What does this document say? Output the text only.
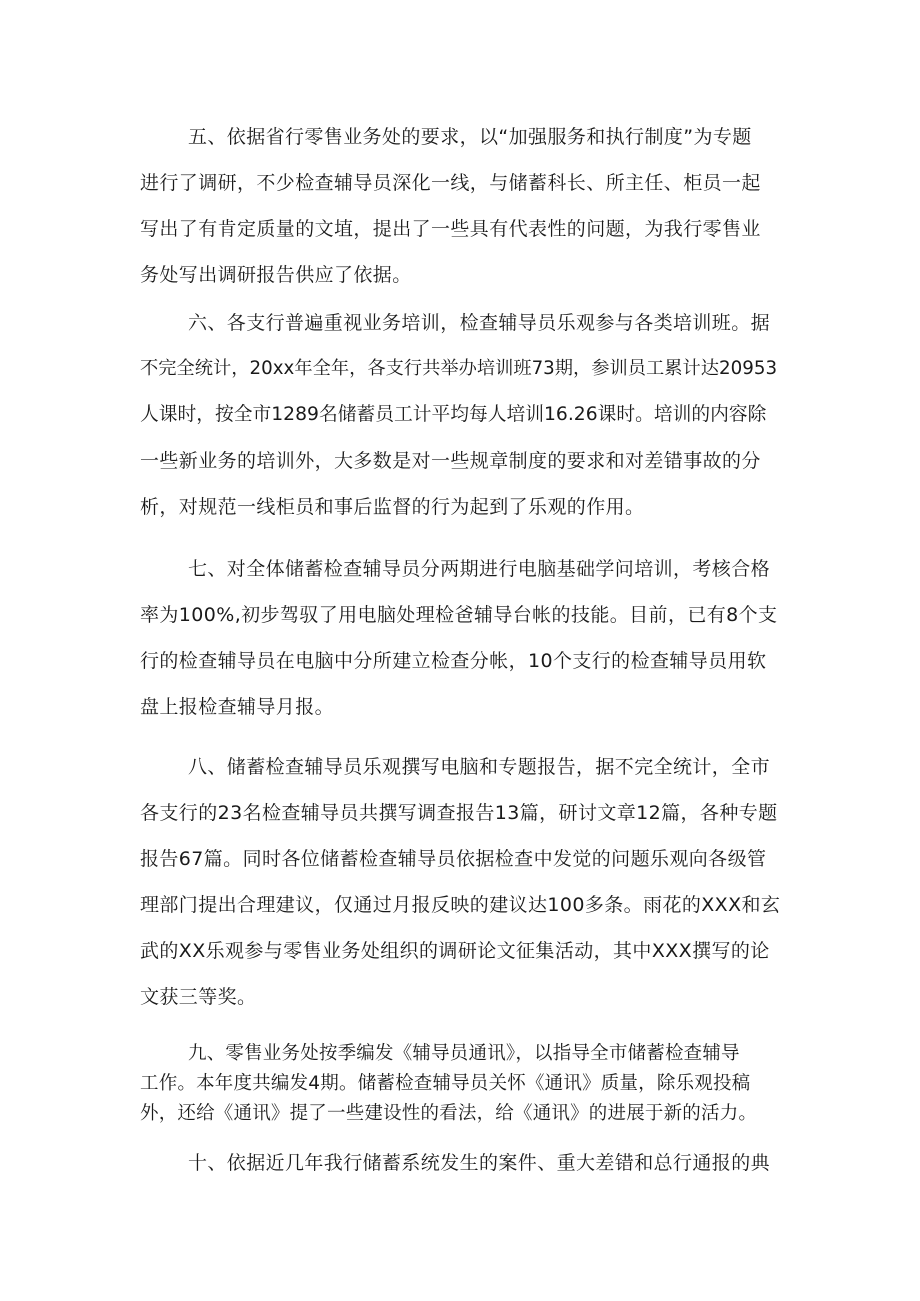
五、依据省行零售业务处的要求，以“加强服务和执行制度”为专题
进行了调研，不少检查辅导员深化一线，与储蓄科长、所主任、柜员一起
写出了有肯定质量的文埴，提出了一些具有代表性的问题，为我行零售业
务处写出调研报告供应了依据。
六、各支行普遍重视业务培训，检查辅导员乐观参与各类培训班。据
不完全统计，20xx年全年，各支行共举办培训班73期，参训员工累计达20953
人课时，按全市1289名储蓄员工计平均每人培训16.26课时。培训的内容除
一些新业务的培训外，大多数是对一些规章制度的要求和对差错事故的分
析，对规范一线柜员和事后监督的行为起到了乐观的作用。
七、对全体储蓄检查辅导员分两期进行电脑基础学问培训，考核合格
率为100%,初步驾驭了用电脑处理检爸辅导台帐的技能。目前，已有8个支
行的检查辅导员在电脑中分所建立检查分帐，10个支行的检查辅导员用软
盘上报检查辅导月报。
八、储蓄检查辅导员乐观撰写电脑和专题报告，据不完全统计，全市
各支行的23名检查辅导员共撰写调查报告13篇，研讨文章12篇，各种专题
报告67篇。同时各位储蓄检查辅导员依据检查中发觉的问题乐观向各级管
理部门提出合理建议，仅通过月报反映的建议达100多条。雨花的XXX和玄
武的XX乐观参与零售业务处组织的调研论文征集活动，其中XXX撰写的论
文获三等奖。
九、零售业务处按季编发《辅导员通讯》，以指导全市储蓄检查辅导
工作。本年度共编发4期。储蓄检查辅导员关怀《通讯》质量，除乐观投稿
外，还给《通讯》提了一些建设性的看法，给《通讯》的进展于新的活力。
十、依据近几年我行储蓄系统发生的案件、重大差错和总行通报的典
